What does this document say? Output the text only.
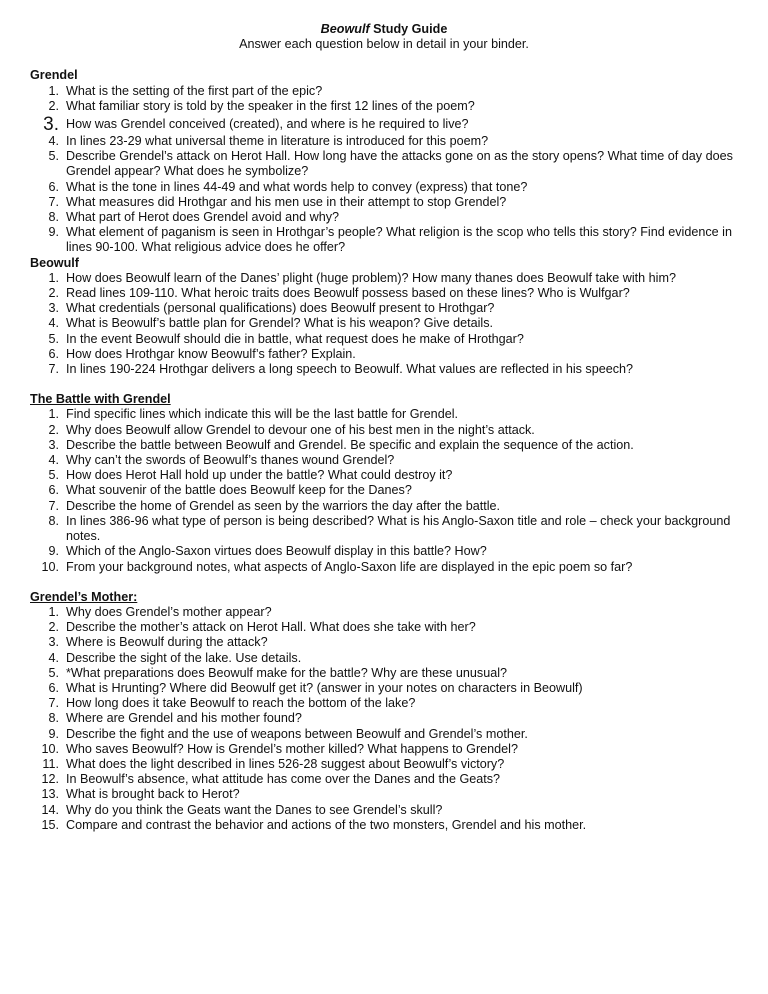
Beowulf Study Guide
Answer each question below in detail in your binder.
Grendel
1. What is the setting of the first part of the epic?
2. What familiar story is told by the speaker in the first 12 lines of the poem?
3. How was Grendel conceived (created), and where is he required to live?
4. In lines 23-29 what universal theme in literature is introduced for this poem?
5. Describe Grendel’s attack on Herot Hall. How long have the attacks gone on as the story opens? What time of day does Grendel appear? What does he symbolize?
6. What is the tone in lines 44-49 and what words help to convey (express) that tone?
7. What measures did Hrothgar and his men use in their attempt to stop Grendel?
8. What part of Herot does Grendel avoid and why?
9. What element of paganism is seen in Hrothgar’s people? What religion is the scop who tells this story? Find evidence in lines 90-100. What religious advice does he offer?
Beowulf
1. How does Beowulf learn of the Danes’ plight (huge problem)? How many thanes does Beowulf take with him?
2. Read lines 109-110. What heroic traits does Beowulf possess based on these lines? Who is Wulfgar?
3. What credentials (personal qualifications) does Beowulf present to Hrothgar?
4. What is Beowulf’s battle plan for Grendel? What is his weapon? Give details.
5. In the event Beowulf should die in battle, what request does he make of Hrothgar?
6. How does Hrothgar know Beowulf’s father? Explain.
7. In lines 190-224 Hrothgar delivers a long speech to Beowulf. What values are reflected in his speech?
The Battle with Grendel
1. Find specific lines which indicate this will be the last battle for Grendel.
2. Why does Beowulf allow Grendel to devour one of his best men in the night’s attack.
3. Describe the battle between Beowulf and Grendel. Be specific and explain the sequence of the action.
4. Why can’t the swords of Beowulf’s thanes wound Grendel?
5. How does Herot Hall hold up under the battle? What could destroy it?
6. What souvenir of the battle does Beowulf keep for the Danes?
7. Describe the home of Grendel as seen by the warriors the day after the battle.
8. In lines 386-96 what type of person is being described? What is his Anglo-Saxon title and role – check your background notes.
9. Which of the Anglo-Saxon virtues does Beowulf display in this battle? How?
10. From your background notes, what aspects of Anglo-Saxon life are displayed in the epic poem so far?
Grendel’s Mother:
1. Why does Grendel’s mother appear?
2. Describe the mother’s attack on Herot Hall. What does she take with her?
3. Where is Beowulf during the attack?
4. Describe the sight of the lake. Use details.
5. *What preparations does Beowulf make for the battle? Why are these unusual?
6. What is Hrunting? Where did Beowulf get it? (answer in your notes on characters in Beowulf)
7. How long does it take Beowulf to reach the bottom of the lake?
8. Where are Grendel and his mother found?
9. Describe the fight and the use of weapons between Beowulf and Grendel’s mother.
10. Who saves Beowulf? How is Grendel’s mother killed? What happens to Grendel?
11. What does the light described in lines 526-28 suggest about Beowulf’s victory?
12. In Beowulf’s absence, what attitude has come over the Danes and the Geats?
13. What is brought back to Herot?
14. Why do you think the Geats want the Danes to see Grendel’s skull?
15. Compare and contrast the behavior and actions of the two monsters, Grendel and his mother.
